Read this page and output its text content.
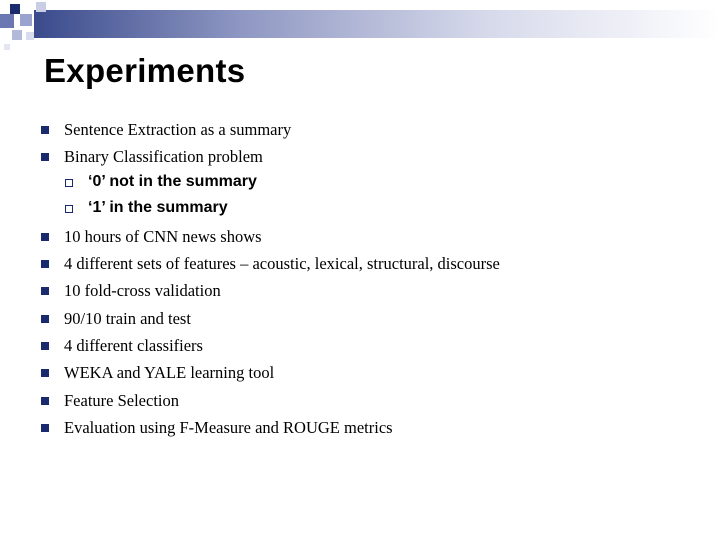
Experiments
Sentence Extraction as a summary
Binary Classification problem
‘0’ not in the summary
‘1’ in the summary
10 hours of CNN news shows
4 different sets of features – acoustic, lexical, structural, discourse
10 fold-cross validation
90/10 train and test
4 different classifiers
WEKA and YALE learning tool
Feature Selection
Evaluation using F-Measure and ROUGE metrics
